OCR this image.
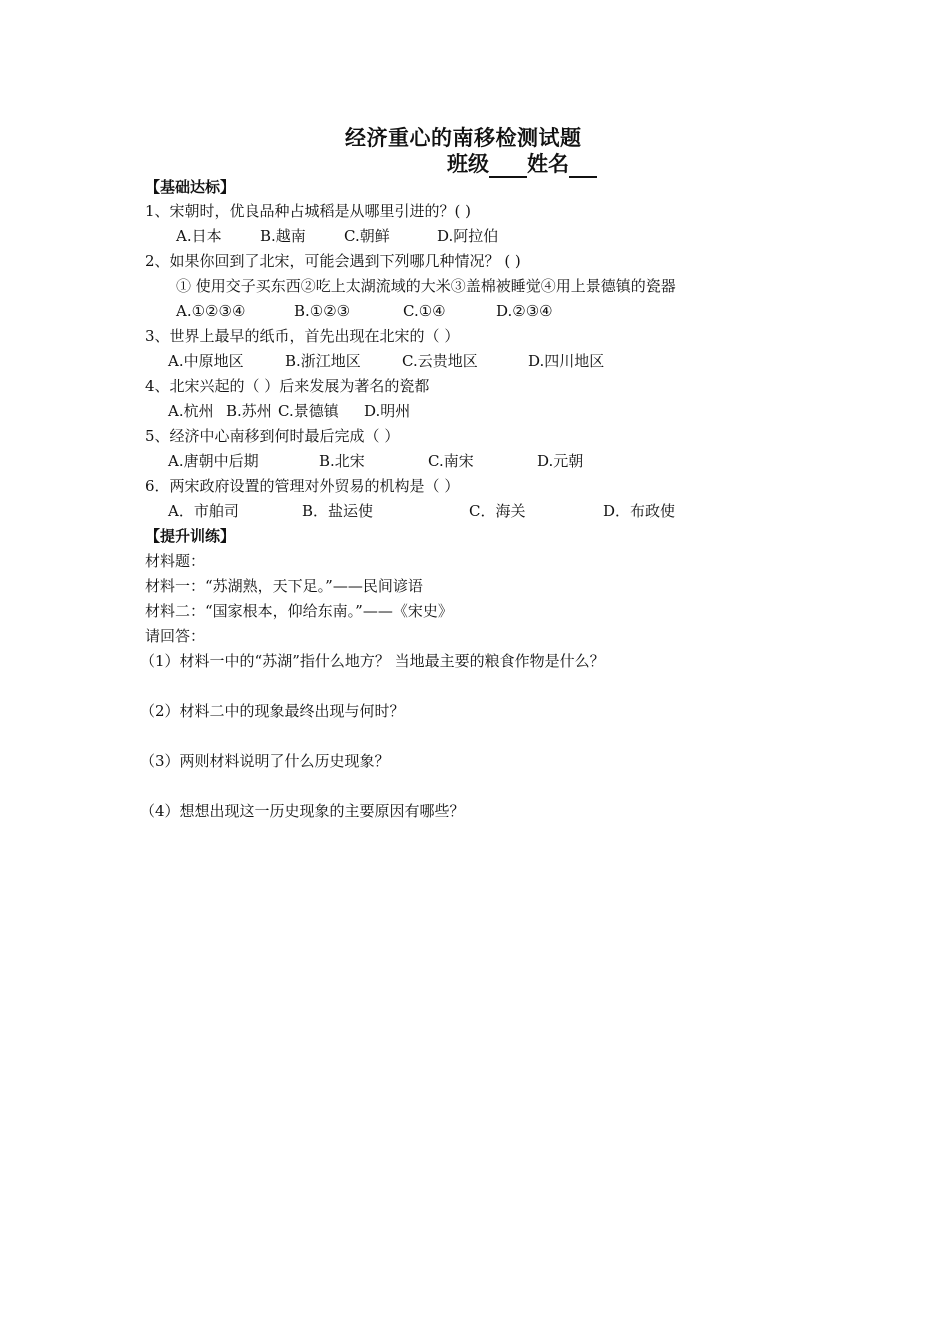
经济重心的南移检测试题
班级 姓名
【基础达标】
1、宋朝时，优良品种占城稻是从哪里引进的？( )
A.日本	B.越南	C.朝鲜	D.阿拉伯
2、如果你回到了北宋，可能会遇到下列哪几种情况？ ( )
① 使用交子买东西②吃上太湖流域的大米③盖棉被睡觉④用上景德镇的瓷器
A.①②③④	B.①②③	C.①④	D.②③④
3、世界上最早的纸币，首先出现在北宋的（ ）
A.中原地区	B.浙江地区	C.云贵地区	D.四川地区
4、北宋兴起的（ ）后来发展为著名的瓷都
A.杭州 B.苏州 C.景德镇 D.明州
5、经济中心南移到何时最后完成（ ）
A.唐朝中后期	B.北宋	C.南宋	D.元朝
6．两宋政府设置的管理对外贸易的机构是（ ）
A．市舶司	B．盐运使	C．海关	D．布政使
【提升训练】
材料题：
材料一：“苏湖熟，天下足。”——民间谚语
材料二：“国家根本，仰给东南。”——《宋史》
请回答：
（1）材料一中的“苏湖”指什么地方？ 当地最主要的粮食作物是什么？
（2）材料二中的现象最终出现与何时？
（3）两则材料说明了什么历史现象？
（4）想想出现这一历史现象的主要原因有哪些？
